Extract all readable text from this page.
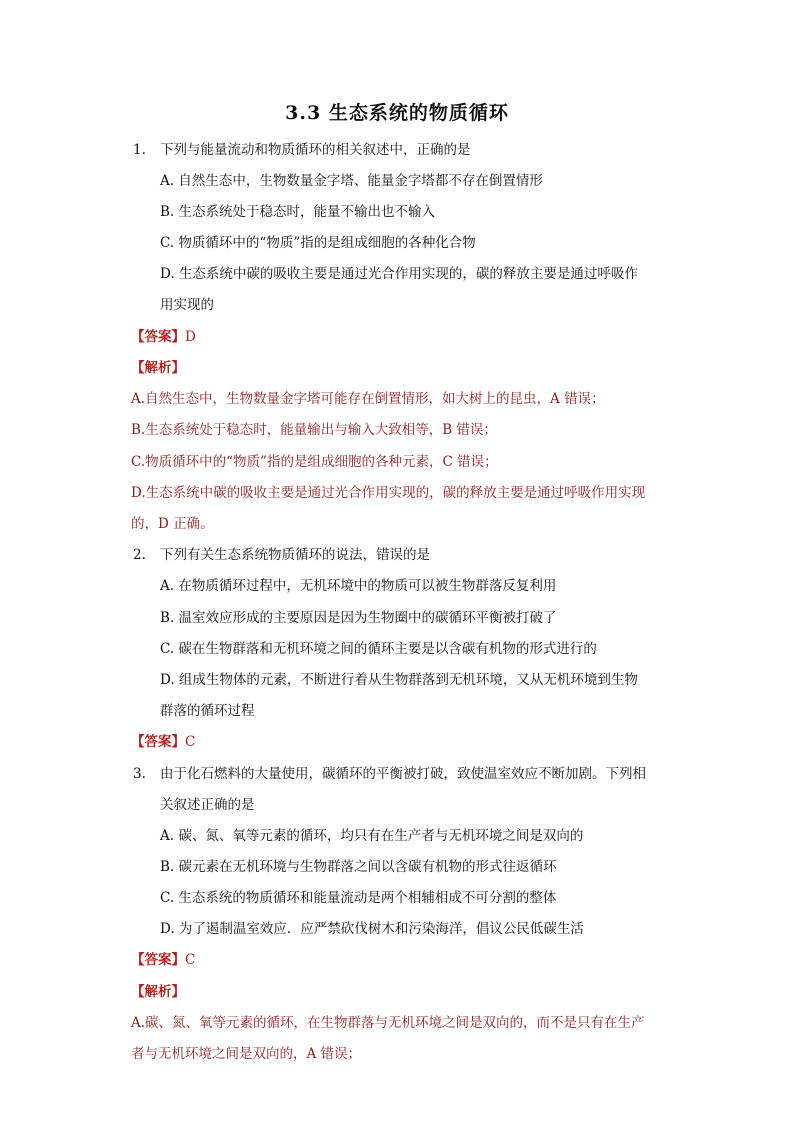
3.3 生态系统的物质循环
1. 下列与能量流动和物质循环的相关叙述中，正确的是
A. 自然生态中，生物数量金字塔、能量金字塔都不存在倒置情形
B. 生态系统处于稳态时，能量不输出也不输入
C. 物质循环中的“物质”指的是组成细胞的各种化合物
D. 生态系统中碳的吸收主要是通过光合作用实现的，碳的释放主要是通过呼吸作
用实现的
【答案】D
【解析】
A.自然生态中，生物数量金字塔可能存在倒置情形，如大树上的昆虫，A 错误；
B.生态系统处于稳态时，能量输出与输入大致相等，B 错误；
C.物质循环中的“物质”指的是组成细胞的各种元素，C 错误；
D.生态系统中碳的吸收主要是通过光合作用实现的，碳的释放主要是通过呼吸作用实现
的，D 正确。
2. 下列有关生态系统物质循环的说法，错误的是
A. 在物质循环过程中，无机环境中的物质可以被生物群落反复利用
B. 温室效应形成的主要原因是因为生物圈中的碳循环平衡被打破了
C. 碳在生物群落和无机环境之间的循环主要是以含碳有机物的形式进行的
D. 组成生物体的元素，不断进行着从生物群落到无机环境，又从无机环境到生物
群落的循环过程
【答案】C
3. 由于化石燃料的大量使用，碳循环的平衡被打破，致使温室效应不断加剧。下列相
关叙述正确的是
A. 碳、氮、氧等元素的循环，均只有在生产者与无机环境之间是双向的
B. 碳元素在无机环境与生物群落之间以含碳有机物的形式往返循环
C. 生态系统的物质循环和能量流动是两个相辅相成不可分割的整体
D. 为了遏制温室效应．应严禁砍伐树木和污染海洋，倡议公民低碳生活
【答案】C
【解析】
A.碳、氮、氧等元素的循环，在生物群落与无机环境之间是双向的，而不是只有在生产
者与无机环境之间是双向的，A 错误；
